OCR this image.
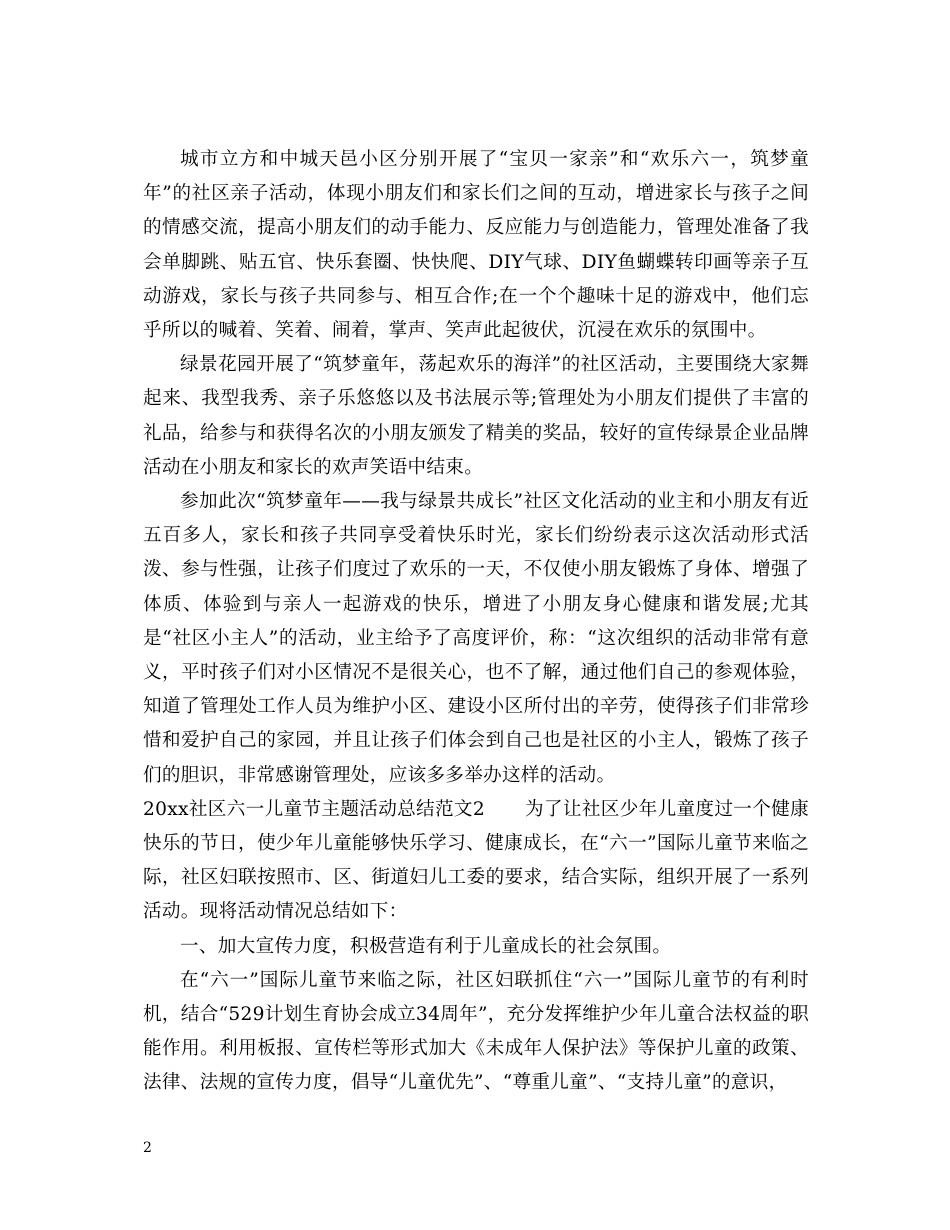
城市立方和中城天邑小区分别开展了“宝贝一家亲”和“欢乐六一，筑梦童年”的社区亲子活动，体现小朋友们和家长们之间的互动，增进家长与孩子之间的情感交流，提高小朋友们的动手能力、反应能力与创造能力，管理处准备了我会单脚跳、贴五官、快乐套圈、快快爬、DIY气球、DIY鱼蝴蝶转印画等亲子互动游戏，家长与孩子共同参与、相互合作;在一个个趣味十足的游戏中，他们忘乎所以的喊着、笑着、闹着，掌声、笑声此起彼伏，沉浸在欢乐的氛围中。

绿景花园开展了“筑梦童年，荡起欢乐的海洋”的社区活动，主要围绕大家舞起来、我型我秀、亲子乐悠悠以及书法展示等;管理处为小朋友们提供了丰富的礼品，给参与和获得名次的小朋友颁发了精美的奖品，较好的宣传绿景企业品牌活动在小朋友和家长的欢声笑语中结束。

参加此次“筑梦童年——我与绿景共成长”社区文化活动的业主和小朋友有近五百多人，家长和孩子共同享受着快乐时光，家长们纷纷表示这次活动形式活泼、参与性强，让孩子们度过了欢乐的一天，不仅使小朋友锻炼了身体、增强了体质、体验到与亲人一起游戏的快乐，增进了小朋友身心健康和谐发展;尤其是“社区小主人”的活动，业主给予了高度评价，称：“这次组织的活动非常有意义，平时孩子们对小区情况不是很关心，也不了解，通过他们自己的参观体验，知道了管理处工作人员为维护小区、建设小区所付出的辛劳，使得孩子们非常珍惜和爱护自己的家园，并且让孩子们体会到自己也是社区的小主人，锻炼了孩子们的胆识，非常感谢管理处，应该多多举办这样的活动。

20xx社区六一儿童节主题活动总结范文2 为了让社区少年儿童度过一个健康快乐的节日，使少年儿童能够快乐学习、健康成长，在“六一”国际儿童节来临之际，社区妇联按照市、区、街道妇儿工委的要求，结合实际，组织开展了一系列活动。现将活动情况总结如下：

一、加大宣传力度，积极营造有利于儿童成长的社会氛围。

在“六一”国际儿童节来临之际，社区妇联抓住“六一”国际儿童节的有利时机，结合“529计划生育协会成立34周年”，充分发挥维护少年儿童合法权益的职能作用。利用板报、宣传栏等形式加大《未成年人保护法》等保护儿童的政策、法律、法规的宣传力度，倡导“儿童优先”、“尊重儿童”、“支持儿童”的意识，

2
